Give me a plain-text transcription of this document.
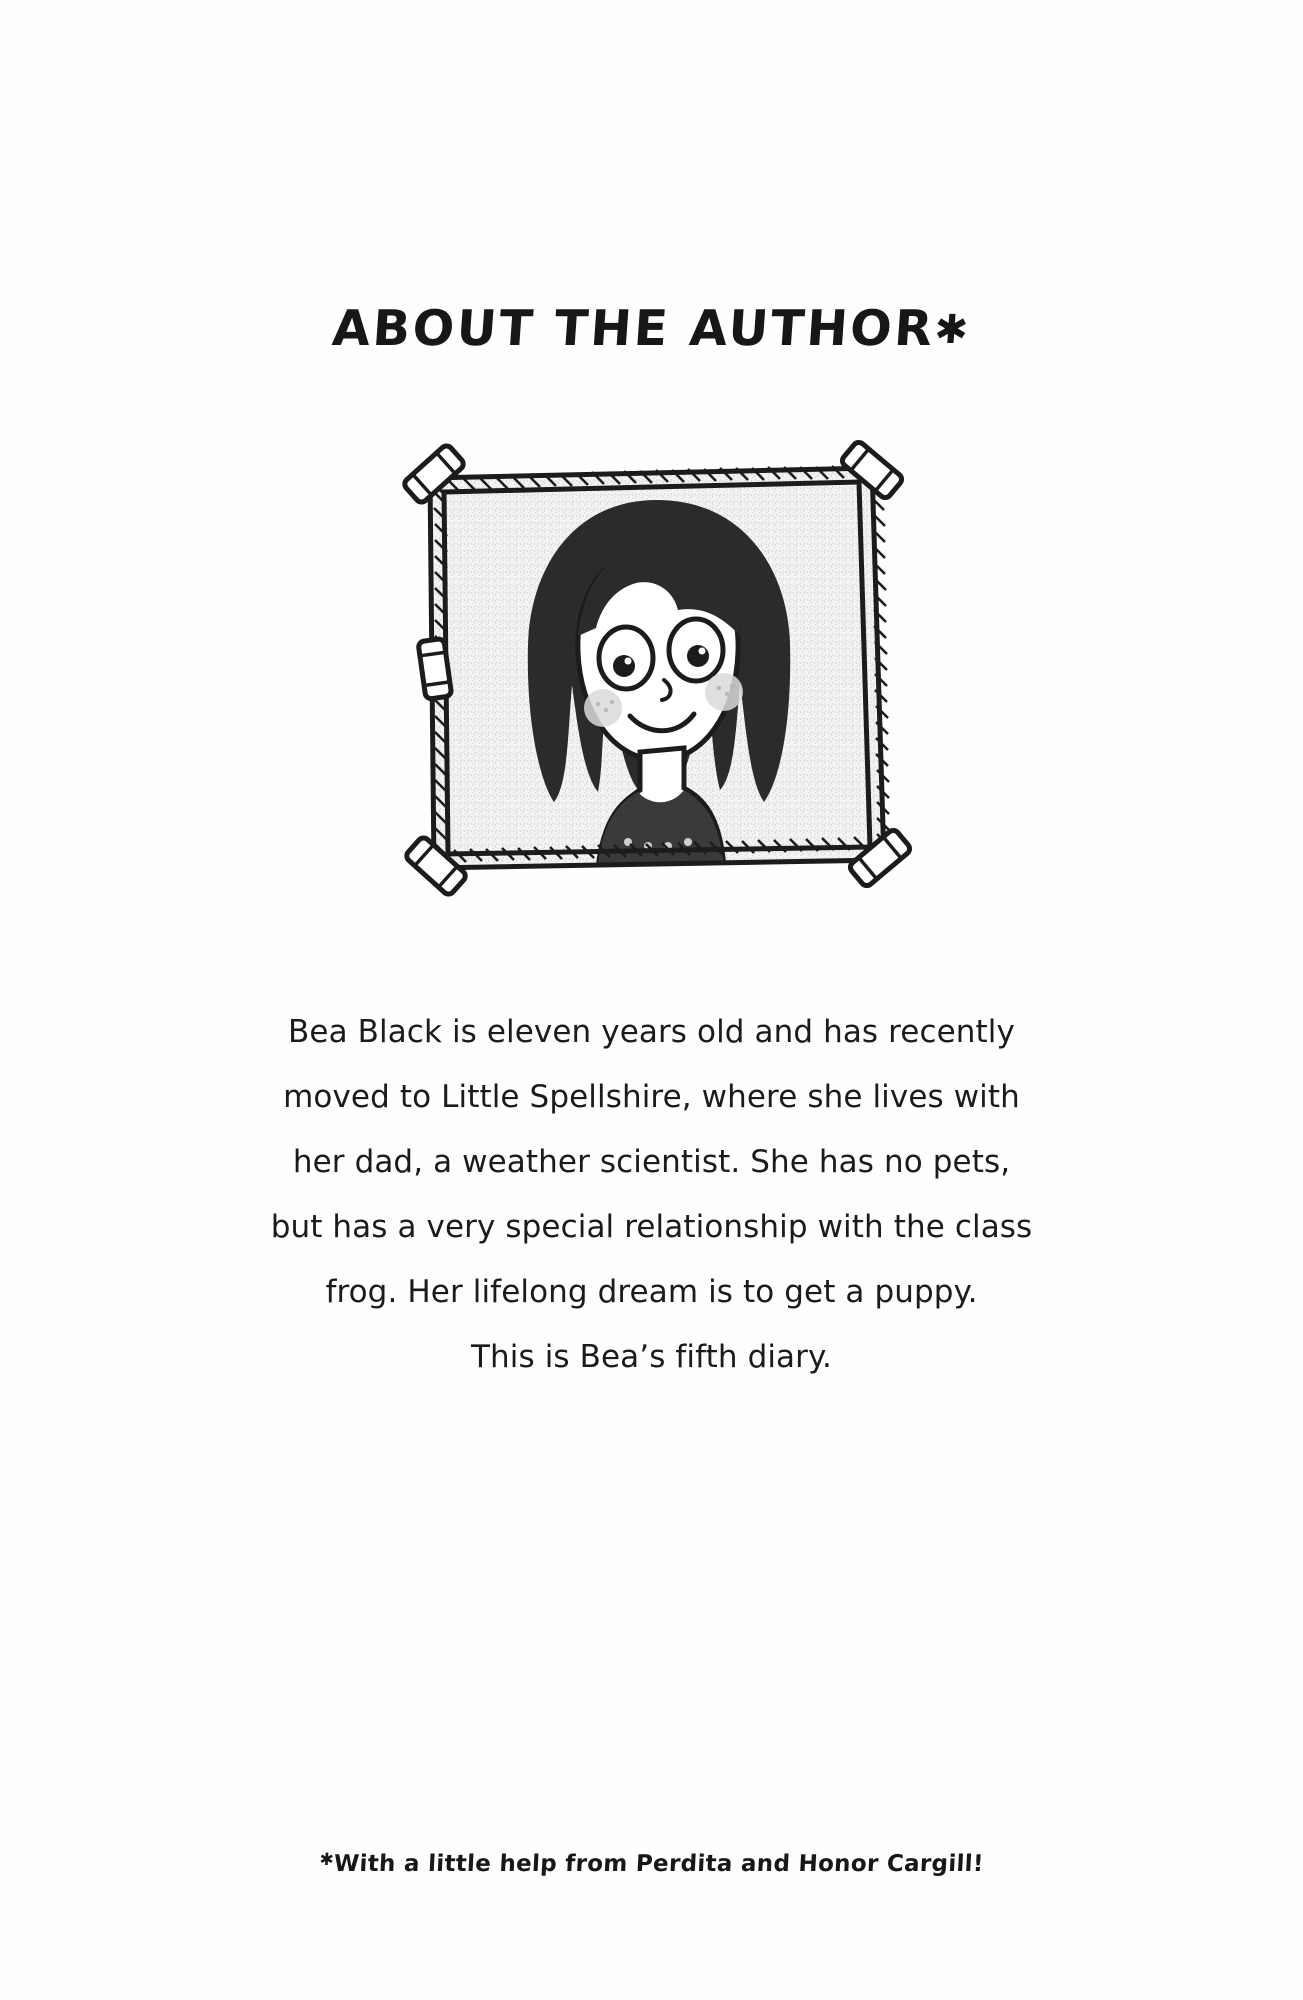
ABOUT THE AUTHOR✱

Bea Black is eleven years old and has recently

moved to Little Spellshire, where she lives with

her dad, a weather scientist. She has no pets,

but has a very special relationship with the class

frog. Her lifelong dream is to get a puppy.

This is Bea’s fifth diary.

✱With a little help from Perdita and Honor Cargill!
